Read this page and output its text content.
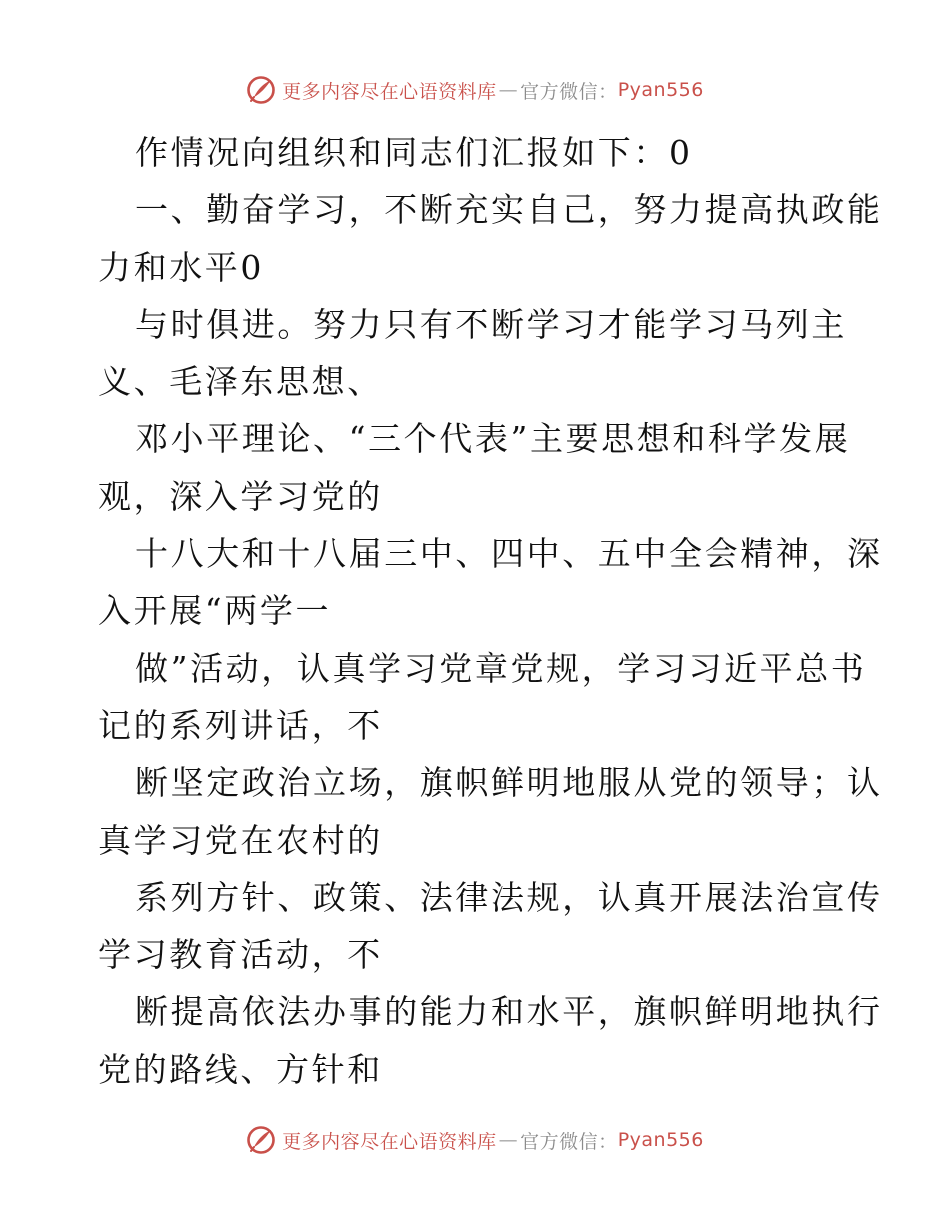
更多内容尽在心语资料库 — 官方微信： Pyan556
作情况向组织和同志们汇报如下：0
一、勤奋学习，不断充实自己，努力提高执政能
力和水平0
与时俱进。努力只有不断学习才能学习马列主
义、毛泽东思想、
邓小平理论、“三个代表”主要思想和科学发展
观，深入学习党的
十八大和十八届三中、四中、五中全会精神，深
入开展“两学一
做”活动，认真学习党章党规，学习习近平总书
记的系列讲话，不
断坚定政治立场，旗帜鲜明地服从党的领导；认
真学习党在农村的
系列方针、政策、法律法规，认真开展法治宣传
学习教育活动，不
断提高依法办事的能力和水平，旗帜鲜明地执行
党的路线、方针和
更多内容尽在心语资料库 — 官方微信： Pyan556
